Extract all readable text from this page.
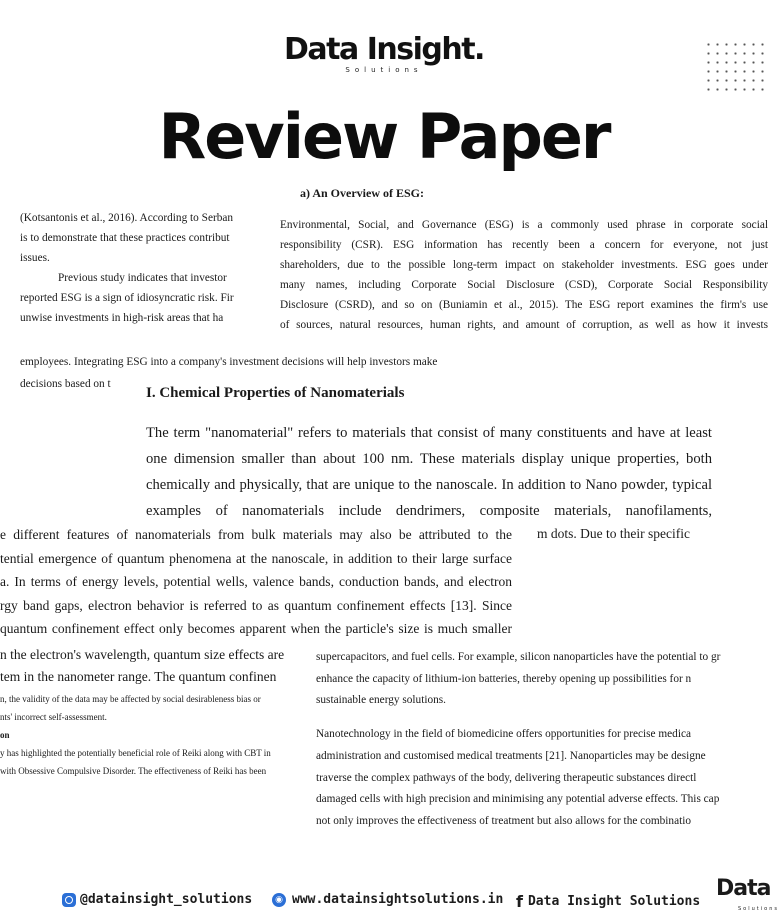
Data Insight.
Solutions
Review Paper
a) An Overview of ESG:

(Kotsantonis et al., 2016). According to Serban

is to demonstrate that these practices contribut

issues.

Previous study indicates that investor

reported ESG is a sign of idiosyncratic risk. Fir

unwise investments in high-risk areas that ha

Environmental, Social, and Governance (ESG) is a commonly used phrase in corporate social

responsibility (CSR). ESG information has recently been a concern for everyone, not just

shareholders, due to the possible long-term impact on stakeholder investments. ESG goes under

many names, including Corporate Social Disclosure (CSD), Corporate Social Responsibility

Disclosure (CSRD), and so on (Buniamin et al., 2015). The ESG report examines the firm's use

of sources, natural resources, human rights, and amount of corruption, as well as how it invests

employees. Integrating ESG into a company's investment decisions will help investors make
decisions based on t
I. Chemical Properties of Nanomaterials

The term "nanomaterial" refers to materials that consist of many constituents and have at least

one dimension smaller than about 100 nm. These materials display unique properties, both

chemically and physically, that are unique to the nanoscale. In addition to Nano powder, typical

examples of nanomaterials include dendrimers, composite materials, nanofilaments,

e different features of nanomaterials from bulk materials may also be attributed to the

tential emergence of quantum phenomena at the nanoscale, in addition to their large surface

a. In terms of energy levels, potential wells, valence bands, conduction bands, and electron

rgy band gaps, electron behavior is referred to as quantum confinement effects [13]. Since

quantum confinement effect only becomes apparent when the particle's size is much smaller

m dots. Due to their specific

n the electron's wavelength, quantum size effects are

tem in the nanometer range. The quantum confinen

n, the validity of the data may be affected by social desirableness bias or

nts' incorrect self-assessment.

on

y has highlighted the potentially beneficial role of Reiki along with CBT in

with Obsessive Compulsive Disorder. The effectiveness of Reiki has been

supercapacitors, and fuel cells. For example, silicon nanoparticles have the potential to gr

enhance the capacity of lithium-ion batteries, thereby opening up possibilities for n

sustainable energy solutions.

Nanotechnology in the field of biomedicine offers opportunities for precise medica

administration and customised medical treatments [21]. Nanoparticles may be designe

traverse the complex pathways of the body, delivering therapeutic substances directl

damaged cells with high precision and minimising any potential adverse effects. This cap

not only improves the effectiveness of treatment but also allows for the combinatio

@datainsight_solutions	◉ www.datainsightsolutions.in f Data Insight Solutions
Data
Solutions
